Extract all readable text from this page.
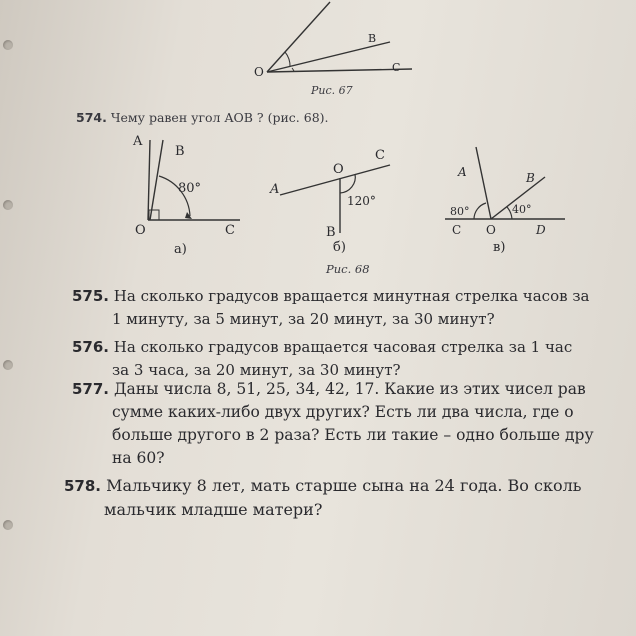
O
B
C
Рис. 67
574. Чему равен угол AOB ? (рис. 68).
A
B
80°
O	C
а)
A
O
C
120°
B
б)
Рис. 68
A	B
80°	40°
C O	D
в)
575. На сколько градусов вращается минутная стрелка часов за
1 минуту, за 5 минут, за 20 минут, за 30 минут?
576. На сколько градусов вращается часовая стрелка за 1 час
за 3 часа, за 20 минут, за 30 минут?
577. Даны числа 8, 51, 25, 34, 42, 17. Какие из этих чисел рав
сумме каких-либо двух других? Есть ли два числа, где о
больше другого в 2 раза? Есть ли такие – одно больше дру
на 60?
578. Мальчику 8 лет, мать старше сына на 24 года. Во сколь
мальчик младше матери?
